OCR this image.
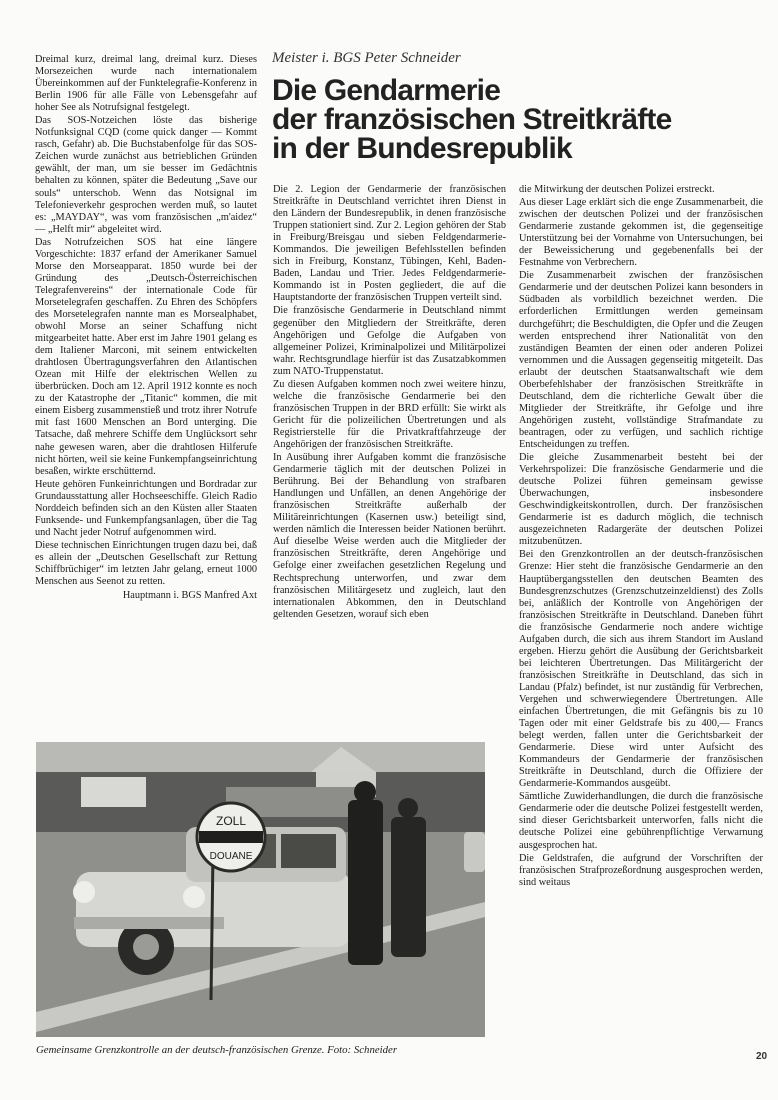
Dreimal kurz, dreimal lang, dreimal kurz. Dieses Morsezeichen wurde nach internationalem Übereinkommen auf der Funktelegrafie-Konferenz in Berlin 1906 für alle Fälle von Lebensgefahr auf hoher See als Notrufsignal festgelegt.

Das SOS-Notzeichen löste das bisherige Notfunksignal CQD (come quick danger — Kommt rasch, Gefahr) ab. Die Buchstabenfolge für das SOS-Zeichen wurde zunächst aus betrieblichen Gründen gewählt, der man, um sie besser im Gedächtnis behalten zu können, später die Bedeutung „Save our souls“ unterschob. Wenn das Notsignal im Telefonieverkehr gesprochen werden muß, so lautet es: „MAYDAY“, was vom französischen „m'aidez“ — „Helft mir“ abgeleitet wird.

Das Notrufzeichen SOS hat eine längere Vorgeschichte: 1837 erfand der Amerikaner Samuel Morse den Morseapparat. 1850 wurde bei der Gründung des „Deutsch-Österreichischen Telegrafenvereins“ der internationale Code für Morsetelegrafen geschaffen. Zu Ehren des Schöpfers des Morsetelegrafen nannte man es Morsealphabet, obwohl Morse an seiner Schaffung nicht mitgearbeitet hatte. Aber erst im Jahre 1901 gelang es dem Italiener Marconi, mit seinem entwickelten drahtlosen Übertragungsverfahren den Atlantischen Ozean mit Hilfe der elektrischen Wellen zu überbrücken. Doch am 12. April 1912 konnte es noch zu der Katastrophe der „Titanic“ kommen, die mit einem Eisberg zusammenstieß und trotz ihrer Notrufe mit fast 1600 Menschen an Bord unterging. Die Tatsache, daß mehrere Schiffe dem Unglücksort sehr nahe gewesen waren, aber die drahtlosen Hilferufe nicht hörten, weil sie keine Funkempfangseinrichtung besaßen, wirkte erschütternd.

Heute gehören Funkeinrichtungen und Bordradar zur Grundausstattung aller Hochseeschiffe. Gleich Radio Norddeich befinden sich an den Küsten aller Staaten Funksende- und Funkempfangsanlagen, über die Tag und Nacht jeder Notruf aufgenommen wird.

Diese technischen Einrichtungen trugen dazu bei, daß es allein der „Deutschen Gesellschaft zur Rettung Schiffbrüchiger“ im letzten Jahr gelang, erneut 1000 Menschen aus Seenot zu retten.

Hauptmann i. BGS Manfred Axt

Meister i. BGS Peter Schneider
Die Gendarmerie
der französischen Streitkräfte
in der Bundesrepublik

Die 2. Legion der Gendarmerie der französischen Streitkräfte in Deutschland verrichtet ihren Dienst in den Ländern der Bundesrepublik, in denen französische Truppen stationiert sind. Zur 2. Legion gehören der Stab in Freiburg/Breisgau und sieben Feldgendarmerie-Kommandos. Die jeweiligen Befehlsstellen befinden sich in Freiburg, Konstanz, Tübingen, Kehl, Baden-Baden, Landau und Trier. Jedes Feldgendarmerie-Kommando ist in Posten gegliedert, die auf die Hauptstandorte der französischen Truppen verteilt sind.

Die französische Gendarmerie in Deutschland nimmt gegenüber den Mitgliedern der Streitkräfte, deren Angehörigen und Gefolge die Aufgaben von allgemeiner Polizei, Kriminalpolizei und Militärpolizei wahr. Rechtsgrundlage hierfür ist das Zusatzabkommen zum NATO-Truppenstatut.

Zu diesen Aufgaben kommen noch zwei weitere hinzu, welche die französische Gendarmerie bei den französischen Truppen in der BRD erfüllt: Sie wirkt als Gericht für die polizeilichen Übertretungen und als Registrierstelle für die Privatkraftfahrzeuge der Angehörigen der französischen Streitkräfte.

In Ausübung ihrer Aufgaben kommt die französische Gendarmerie täglich mit der deutschen Polizei in Berührung. Bei der Behandlung von strafbaren Handlungen und Unfällen, an denen Angehörige der französischen Streitkräfte außerhalb der Militäreinrichtungen (Kasernen usw.) beteiligt sind, werden nämlich die Interessen beider Nationen berührt. Auf dieselbe Weise werden auch die Mitglieder der französischen Streitkräfte, deren Angehörige und Gefolge einer zweifachen gesetzlichen Regelung und Rechtsprechung unterworfen, und zwar dem französischen Militärgesetz und zugleich, laut den internationalen Abkommen, den in Deutschland geltenden Gesetzen, worauf sich eben

die Mitwirkung der deutschen Polizei erstreckt.

Aus dieser Lage erklärt sich die enge Zusammenarbeit, die zwischen der deutschen Polizei und der französischen Gendarmerie zustande gekommen ist, die gegenseitige Unterstützung bei der Vornahme von Untersuchungen, bei der Beweissicherung und gegebenenfalls bei der Festnahme von Verbrechern.

Die Zusammenarbeit zwischen der französischen Gendarmerie und der deutschen Polizei kann besonders in Südbaden als vorbildlich bezeichnet werden. Die erforderlichen Ermittlungen werden gemeinsam durchgeführt; die Beschuldigten, die Opfer und die Zeugen werden entsprechend ihrer Nationalität von den zuständigen Beamten der einen oder anderen Polizei vernommen und die Aussagen gegenseitig mitgeteilt. Das erlaubt der deutschen Staatsanwaltschaft wie dem Oberbefehlshaber der französischen Streitkräfte in Deutschland, dem die richterliche Gewalt über die Mitglieder der Streitkräfte, ihr Gefolge und ihre Angehörigen zusteht, vollständige Strafmandate zu beantragen, oder zu verfügen, und sachlich richtige Entscheidungen zu treffen.

Die gleiche Zusammenarbeit besteht bei der Verkehrspolizei: Die französische Gendarmerie und die deutsche Polizei führen gemeinsam gewisse Überwachungen, insbesondere Geschwindigkeitskontrollen, durch. Der französischen Gendarmerie ist es dadurch möglich, die technisch ausgezeichneten Radargeräte der deutschen Polizei mitzubenützen.

Bei den Grenzkontrollen an der deutsch-französischen Grenze: Hier steht die französische Gendarmerie an den Hauptübergangsstellen den deutschen Beamten des Bundesgrenzschutzes (Grenzschutzeinzeldienst) des Zolls bei, anläßlich der Kontrolle von Angehörigen der französischen Streitkräfte in Deutschland. Daneben führt die französische Gendarmerie noch andere wichtige Aufgaben durch, die sich aus ihrem Standort im Ausland ergeben. Hierzu gehört die Ausübung der Gerichtsbarkeit bei leichteren Übertretungen. Das Militärgericht der französischen Streitkräfte in Deutschland, das sich in Landau (Pfalz) befindet, ist nur zuständig für Verbrechen, Vergehen und schwerwiegendere Übertretungen. Alle einfachen Übertretungen, die mit Gefängnis bis zu 10 Tagen oder mit einer Geldstrafe bis zu 400,— Francs belegt werden, fallen unter die Gerichtsbarkeit der Gendarmerie. Diese wird unter Aufsicht des Kommandeurs der Gendarmerie der französischen Streitkräfte in Deutschland, durch die Offiziere der Gendarmerie-Kommandos ausgeübt.

Sämtliche Zuwiderhandlungen, die durch die französische Gendarmerie oder die deutsche Polizei festgestellt werden, sind dieser Gerichtsbarkeit unterworfen, falls nicht die deutsche Polizei eine gebührenpflichtige Verwarnung ausgesprochen hat.

Die Geldstrafen, die aufgrund der Vorschriften der französischen Strafprozeßordnung ausgesprochen werden, sind weitaus

ZOLL
DOUANE
Gemeinsame Grenzkontrolle an der deutsch-französischen Grenze. Foto: Schneider
20
